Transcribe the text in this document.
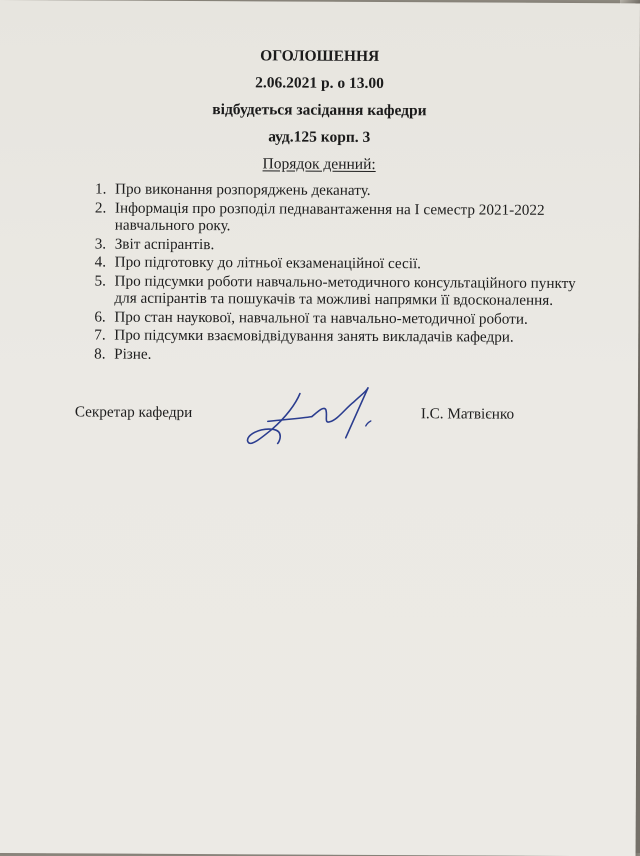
ОГОЛОШЕННЯ
2.06.2021 р. о 13.00
відбудеться засідання кафедри
ауд.125 корп. 3
Порядок денний:
1. Про виконання розпоряджень деканату.
2. Інформація про розподіл педнавантаження на I семестр 2021-2022 навчального року.
3. Звіт аспірантів.
4. Про підготовку до літньої екзаменаційної сесії.
5. Про підсумки роботи навчально-методичного консультаційного пункту для аспірантів та пошукачів та можливі напрямки її вдосконалення.
6. Про стан наукової, навчальної та навчально-методичної роботи.
7. Про підсумки взаємовідвідування занять викладачів кафедри.
8. Різне.
Секретар кафедри	І.С. Матвієнко
